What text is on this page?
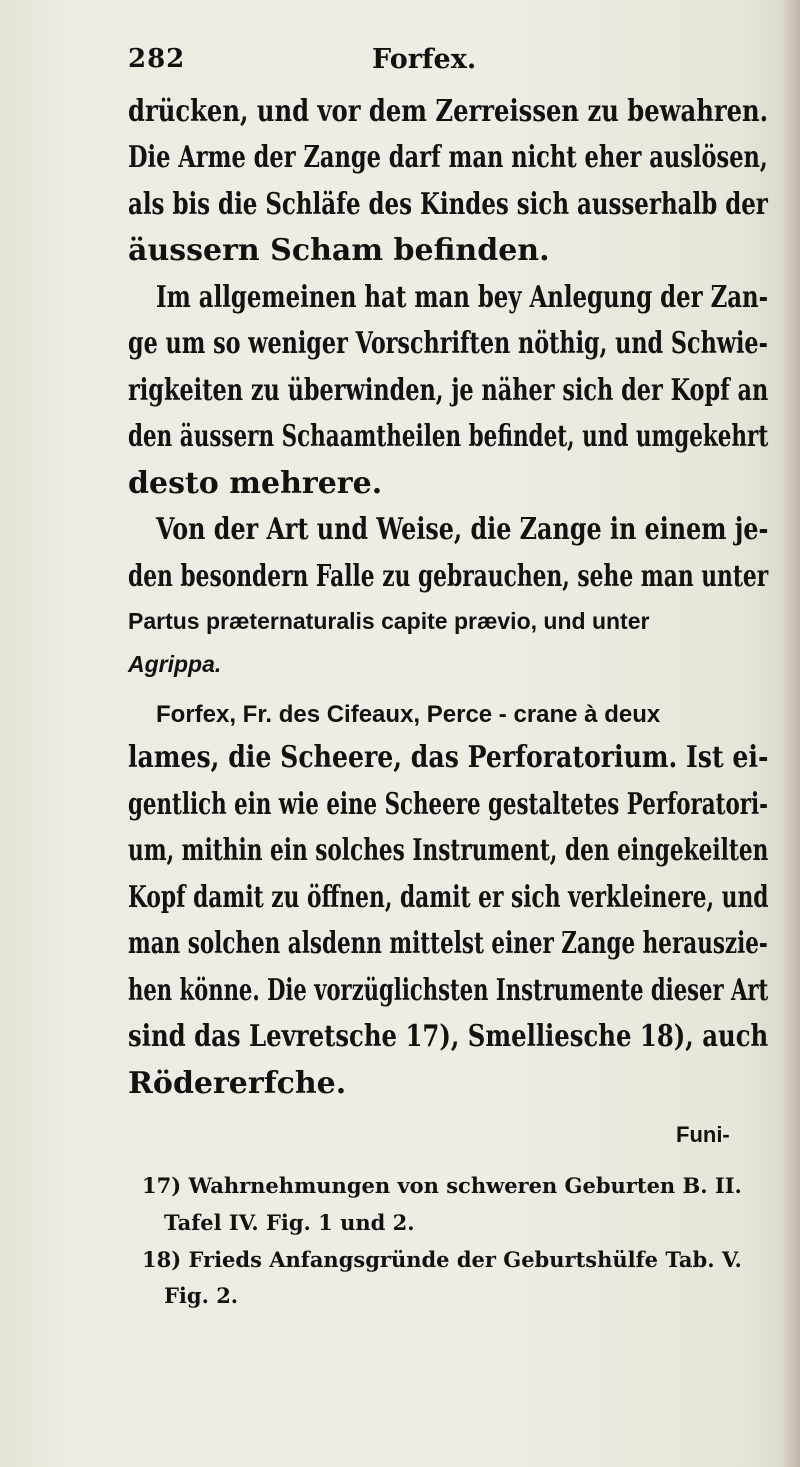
282	Forfex.
drücken, und vor dem Zerreissen zu bewahren.
Die Arme der Zange darf man nicht eher auslösen,
als bis die Schläfe des Kindes sich ausserhalb der
äussern Scham befinden.
Im allgemeinen hat man bey Anlegung der Zan-
ge um so weniger Vorschriften nöthig, und Schwie-
rigkeiten zu überwinden, je näher sich der Kopf an
den äussern Schaamtheilen befindet, und umgekehrt
desto mehrere.
Von der Art und Weise, die Zange in einem je-
den besondern Falle zu gebrauchen, sehe man unter
Partus præternaturalis capite prævio, und unter
Agrippa.
Forfex, Fr. des Cifeaux, Perce - crane à deux
lames, die Scheere, das Perforatorium. Ist ei-
gentlich ein wie eine Scheere gestaltetes Perforatori-
um, mithin ein solches Instrument, den eingekeilten
Kopf damit zu öffnen, damit er sich verkleinere, und
man solchen alsdenn mittelst einer Zange herauszie-
hen könne. Die vorzüglichsten Instrumente dieser Art
sind das Levretsche 17), Smelliesche 18), auch
Rödererfche.
Funi-
17) Wahrnehmungen von schweren Geburten B. II.
Tafel IV. Fig. 1 und 2.
18) Frieds Anfangsgründe der Geburtshülfe Tab. V.
Fig. 2.
